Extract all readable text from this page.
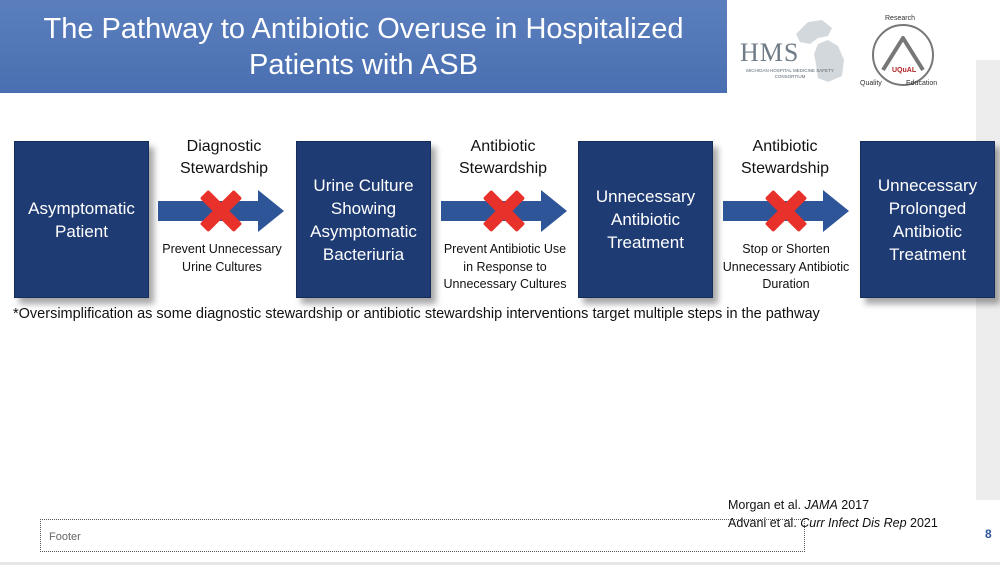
The Pathway to Antibiotic Overuse in Hospitalized
Patients with ASB	HMS
MICHIGAN HOSPITAL MEDICINE SAFETY CONSORTIUM
Research
Quality	Education
UQuAL
Asymptomatic
Patient
Urine Culture
Showing
Asymptomatic
Bacteriuria
Unnecessary
Antibiotic
Treatment
Unnecessary
Prolonged
Antibiotic
Treatment
Diagnostic
Stewardship
Antibiotic
Stewardship
Antibiotic
Stewardship
Prevent Unnecessary
Urine Cultures
Prevent Antibiotic Use
in Response to
Unnecessary Cultures
Stop or Shorten
Unnecessary Antibiotic
Duration
*Oversimplification as some diagnostic stewardship or antibiotic stewardship interventions target multiple steps in the pathway
Morgan et al. JAMA 2017
Advani et al. Curr Infect Dis Rep 2021
Footer	8
